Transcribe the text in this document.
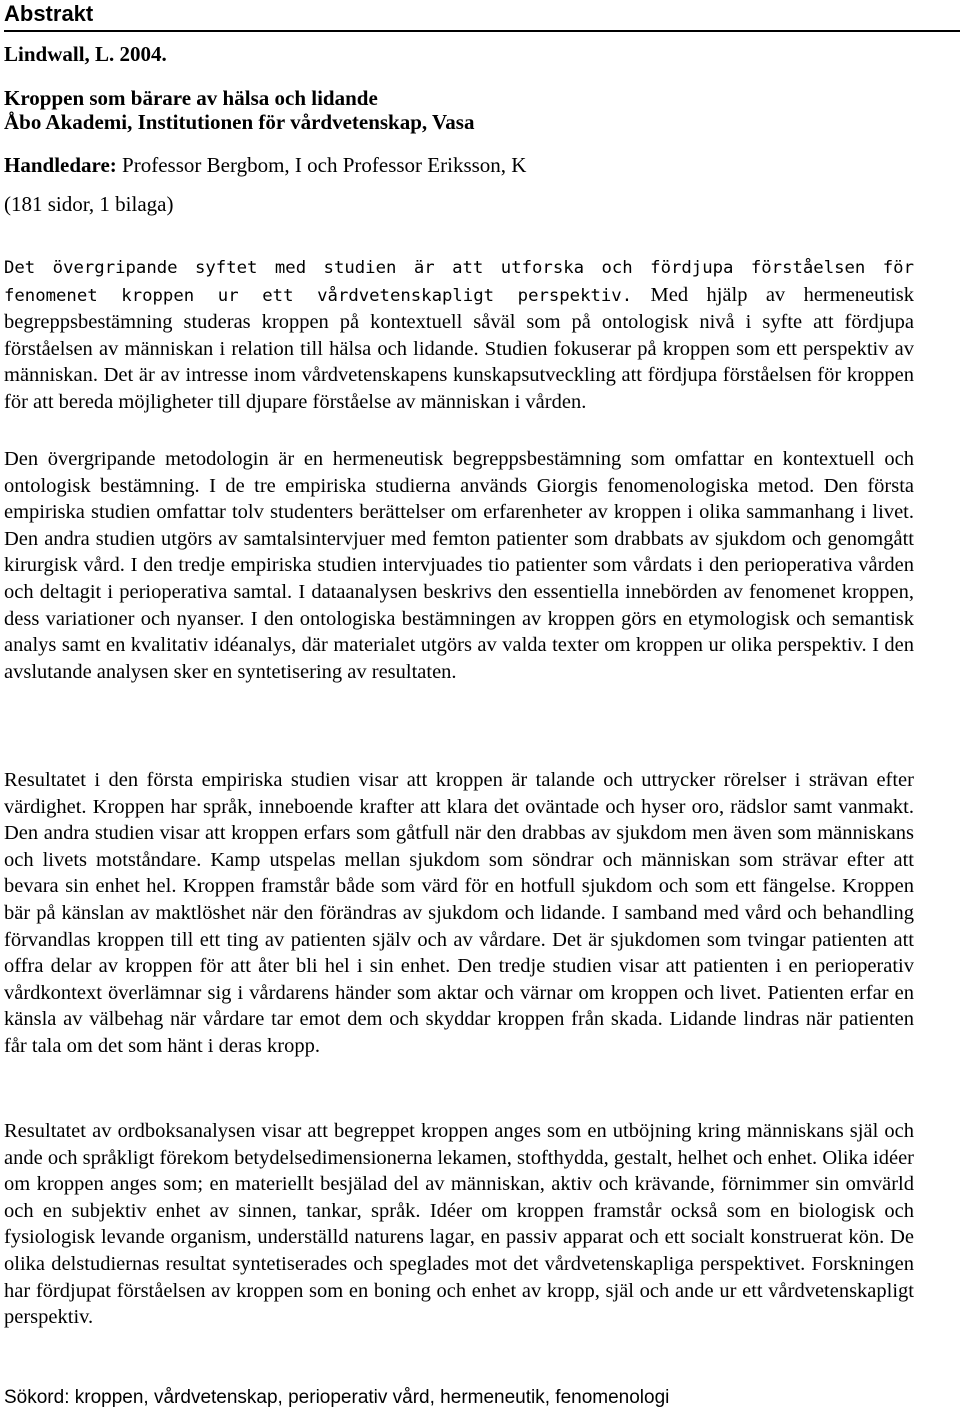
Abstrakt
Lindwall, L. 2004.
Kroppen som bärare av hälsa och lidande
Åbo Akademi, Institutionen för vårdvetenskap, Vasa
Handledare: Professor Bergbom, I och Professor Eriksson, K
(181 sidor, 1 bilaga)

Det övergripande syftet med studien är att utforska och fördjupa förståelsen för fenomenet kroppen ur ett vårdvetenskapligt perspektiv. Med hjälp av hermeneutisk begreppsbestämning studeras kroppen på kontextuell såväl som på ontologisk nivå i syfte att fördjupa förståelsen av människan i relation till hälsa och lidande. Studien fokuserar på kroppen som ett perspektiv av människan. Det är av intresse inom vårdvetenskapens kunskapsutveckling att fördjupa förståelsen för kroppen för att bereda möjligheter till djupare förståelse av människan i vården.

Den övergripande metodologin är en hermeneutisk begreppsbestämning som omfattar en kontextuell och ontologisk bestämning. I de tre empiriska studierna används Giorgis fenomenologiska metod. Den första empiriska studien omfattar tolv studenters berättelser om erfarenheter av kroppen i olika sammanhang i livet. Den andra studien utgörs av samtalsintervjuer med femton patienter som drabbats av sjukdom och genomgått kirurgisk vård. I den tredje empiriska studien intervjuades tio patienter som vårdats i den perioperativa vården och deltagit i perioperativa samtal. I dataanalysen beskrivs den essentiella innebörden av fenomenet kroppen, dess variationer och nyanser. I den ontologiska bestämningen av kroppen görs en etymologisk och semantisk analys samt en kvalitativ idéanalys, där materialet utgörs av valda texter om kroppen ur olika perspektiv. I den avslutande analysen sker en syntetisering av resultaten.

Resultatet i den första empiriska studien visar att kroppen är talande och uttrycker rörelser i strävan efter värdighet. Kroppen har språk, inneboende krafter att klara det oväntade och hyser oro, rädslor samt vanmakt. Den andra studien visar att kroppen erfars som gåtfull när den drabbas av sjukdom men även som människans och livets motståndare. Kamp utspelas mellan sjukdom som söndrar och människan som strävar efter att bevara sin enhet hel. Kroppen framstår både som värd för en hotfull sjukdom och som ett fängelse. Kroppen bär på känslan av maktlöshet när den förändras av sjukdom och lidande. I samband med vård och behandling förvandlas kroppen till ett ting av patienten själv och av vårdare. Det är sjukdomen som tvingar patienten att offra delar av kroppen för att åter bli hel i sin enhet. Den tredje studien visar att patienten i en perioperativ vårdkontext överlämnar sig i vårdarens händer som aktar och värnar om kroppen och livet. Patienten erfar en känsla av välbehag när vårdare tar emot dem och skyddar kroppen från skada. Lidande lindras när patienten får tala om det som hänt i deras kropp.

Resultatet av ordboksanalysen visar att begreppet kroppen anges som en utböjning kring människans själ och ande och språkligt förekom betydelsedimensionerna lekamen, stofthydda, gestalt, helhet och enhet. Olika idéer om kroppen anges som; en materiellt besjälad del av människan, aktiv och krävande, förnimmer sin omvärld och en subjektiv enhet av sinnen, tankar, språk. Idéer om kroppen framstår också som en biologisk och fysiologisk levande organism, underställd naturens lagar, en passiv apparat och ett socialt konstruerat kön. De olika delstudiernas resultat syntetiserades och speglades mot det vårdvetenskapliga perspektivet. Forskningen har fördjupat förståelsen av kroppen som en boning och enhet av kropp, själ och ande ur ett vårdvetenskapligt perspektiv.

Sökord: kroppen, vårdvetenskap, perioperativ vård, hermeneutik, fenomenologi
